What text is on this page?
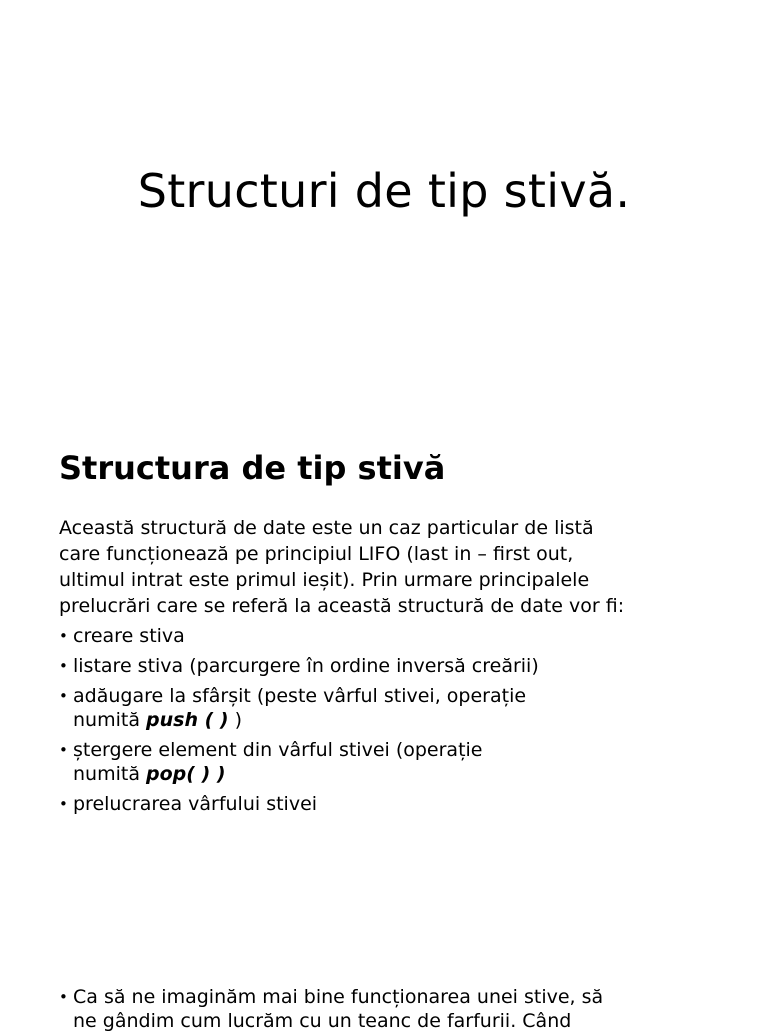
Structuri de tip stivă.
Structura de tip stivă

Această structură de date este un caz particular de listă
care funcționează pe principiul LIFO (last in – first out,
ultimul intrat este primul ieșit). Prin urmare principalele
prelucrări care se referă la această structură de date vor fi:

• creare stiva
• listare stiva (parcurgere în ordine inversă creării)
• adăugare la sfârșit (peste vârful stivei, operație
numită push ( ) )
• ștergere element din vârful stivei (operație
numită pop( ) )
• prelucrarea vârfului stivei
• Ca să ne imaginăm mai bine funcționarea unei stive, să
ne gândim cum lucrăm cu un teanc de farfurii. Când
